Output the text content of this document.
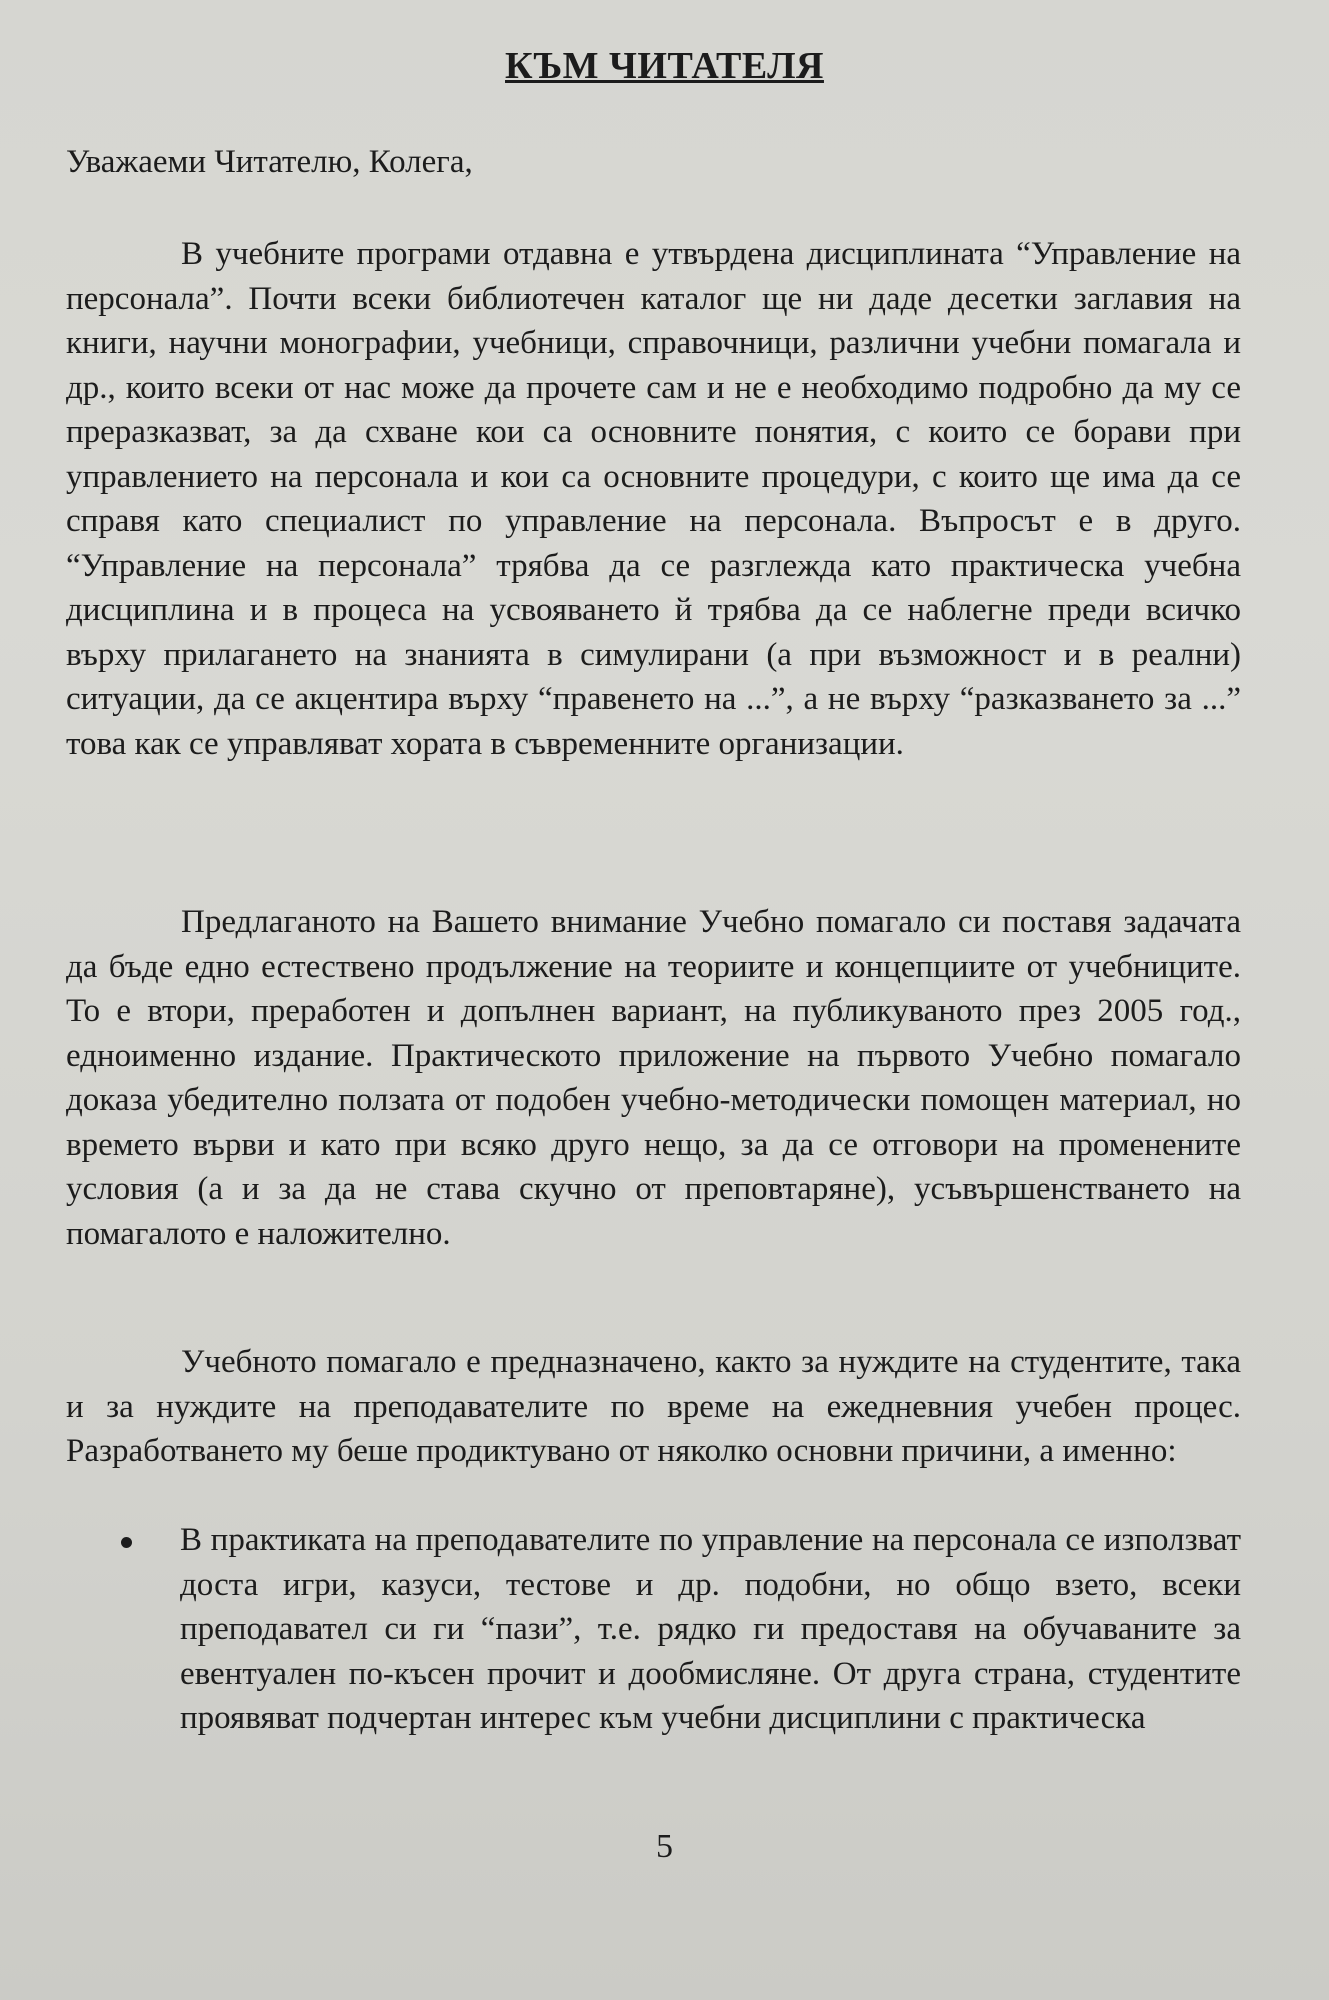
КЪМ ЧИТАТЕЛЯ
Уважаеми Читателю, Колега,
В учебните програми отдавна е утвърдена дисциплината “Управление на персонала”. Почти всеки библиотечен каталог ще ни даде десетки заглавия на книги, научни монографии, учебници, справочници, различни учебни помагала и др., които всеки от нас може да прочете сам и не е необходимо подробно да му се преразказват, за да схване кои са основните понятия, с които се борави при управлението на персонала и кои са основните процедури, с които ще има да се справя като специалист по управление на персонала. Въпросът е в друго. “Управление на персонала” трябва да се разглежда като практическа учебна дисциплина и в процеса на усвояването й трябва да се наблегне преди всичко върху прилагането на знанията в симулирани (а при възможност и в реални) ситуации, да се акцентира върху “правенето на ...”, а не върху “разказването за ...” това как се управляват хората в съвременните организации.
Предлаганото на Вашето внимание Учебно помагало си поставя задачата да бъде едно естествено продължение на теориите и концепциите от учебниците. То е втори, преработен и допълнен вариант, на публикуваното през 2005 год., едноименно издание. Практическото приложение на първото Учебно помагало доказа убедително ползата от подобен учебно-методически помощен материал, но времето върви и като при всяко друго нещо, за да се отговори на променените условия (а и за да не става скучно от преповтаряне), усъвършенстването на помагалото е наложително.
Учебното помагало е предназначено, както за нуждите на студентите, така и за нуждите на преподавателите по време на ежедневния учебен процес. Разработването му беше продиктувано от няколко основни причини, а именно:
В практиката на преподавателите по управление на персонала се използват доста игри, казуси, тестове и др. подобни, но общо взето, всеки преподавател си ги “пази”, т.е. рядко ги предоставя на обучаваните за евентуален по-късен прочит и дообмисляне. От друга страна, студентите проявяват подчертан интерес към учебни дисциплини с практическа
5
